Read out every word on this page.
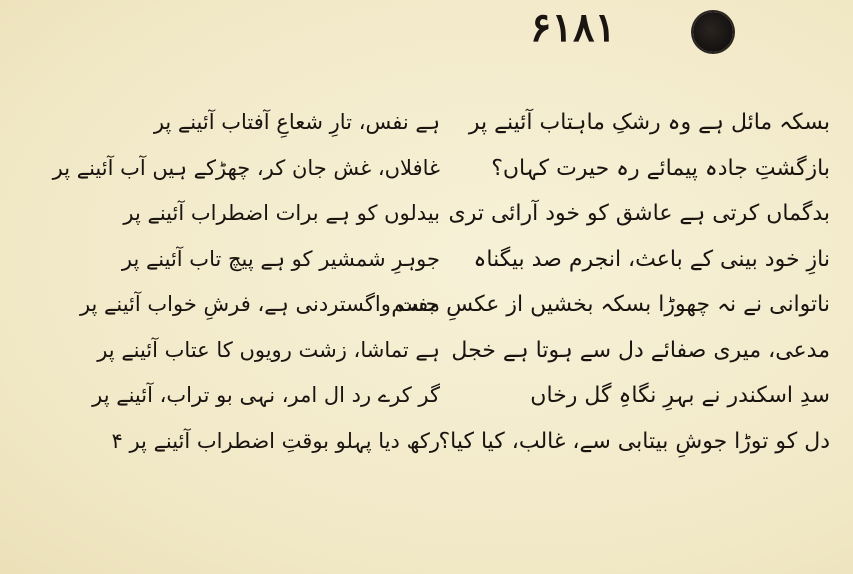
۱۸۱۶
بسکہ مائل ہے وہ رشکِ ماہتاب آئینے پر
بازگشتِ جادہ پیمائے رہ حیرت کہاں؟
بدگماں کرتی ہے عاشق کو خود آرائی تری
نازِ خود بینی کے باعث، انجرم صد بیگناہ
ناتوانی نے نہ چھوڑا بسکہ بخشیں از عکسِ جسم
مدعی، میری صفائے دل سے ہوتا ہے خجل
سدِ اسکندر نے بہرِ نگاہِ گل رخاں
دل کو توڑا جوشِ بیتابی سے، غالب، کیا کیا؟
ہے نفس، تارِ شعاعِ آفتاب آئینے پر
غافلاں، غش جان کر، چھڑکے ہیں آب آئینے پر
بیدلوں کو ہے برات اضطراب آئینے پر
جوہرِ شمشیر کو ہے پیچ تاب آئینے پر
مفت واگستردنی ہے، فرشِ خواب آئینے پر
ہے تماشا، زشت رویوں کا عتاب آئینے پر
گر کرے رد ال امر، نہی بو تراب، آئینے پر
رکھ دیا پہلو بوقتِ اضطراب آئینے پر ۴
